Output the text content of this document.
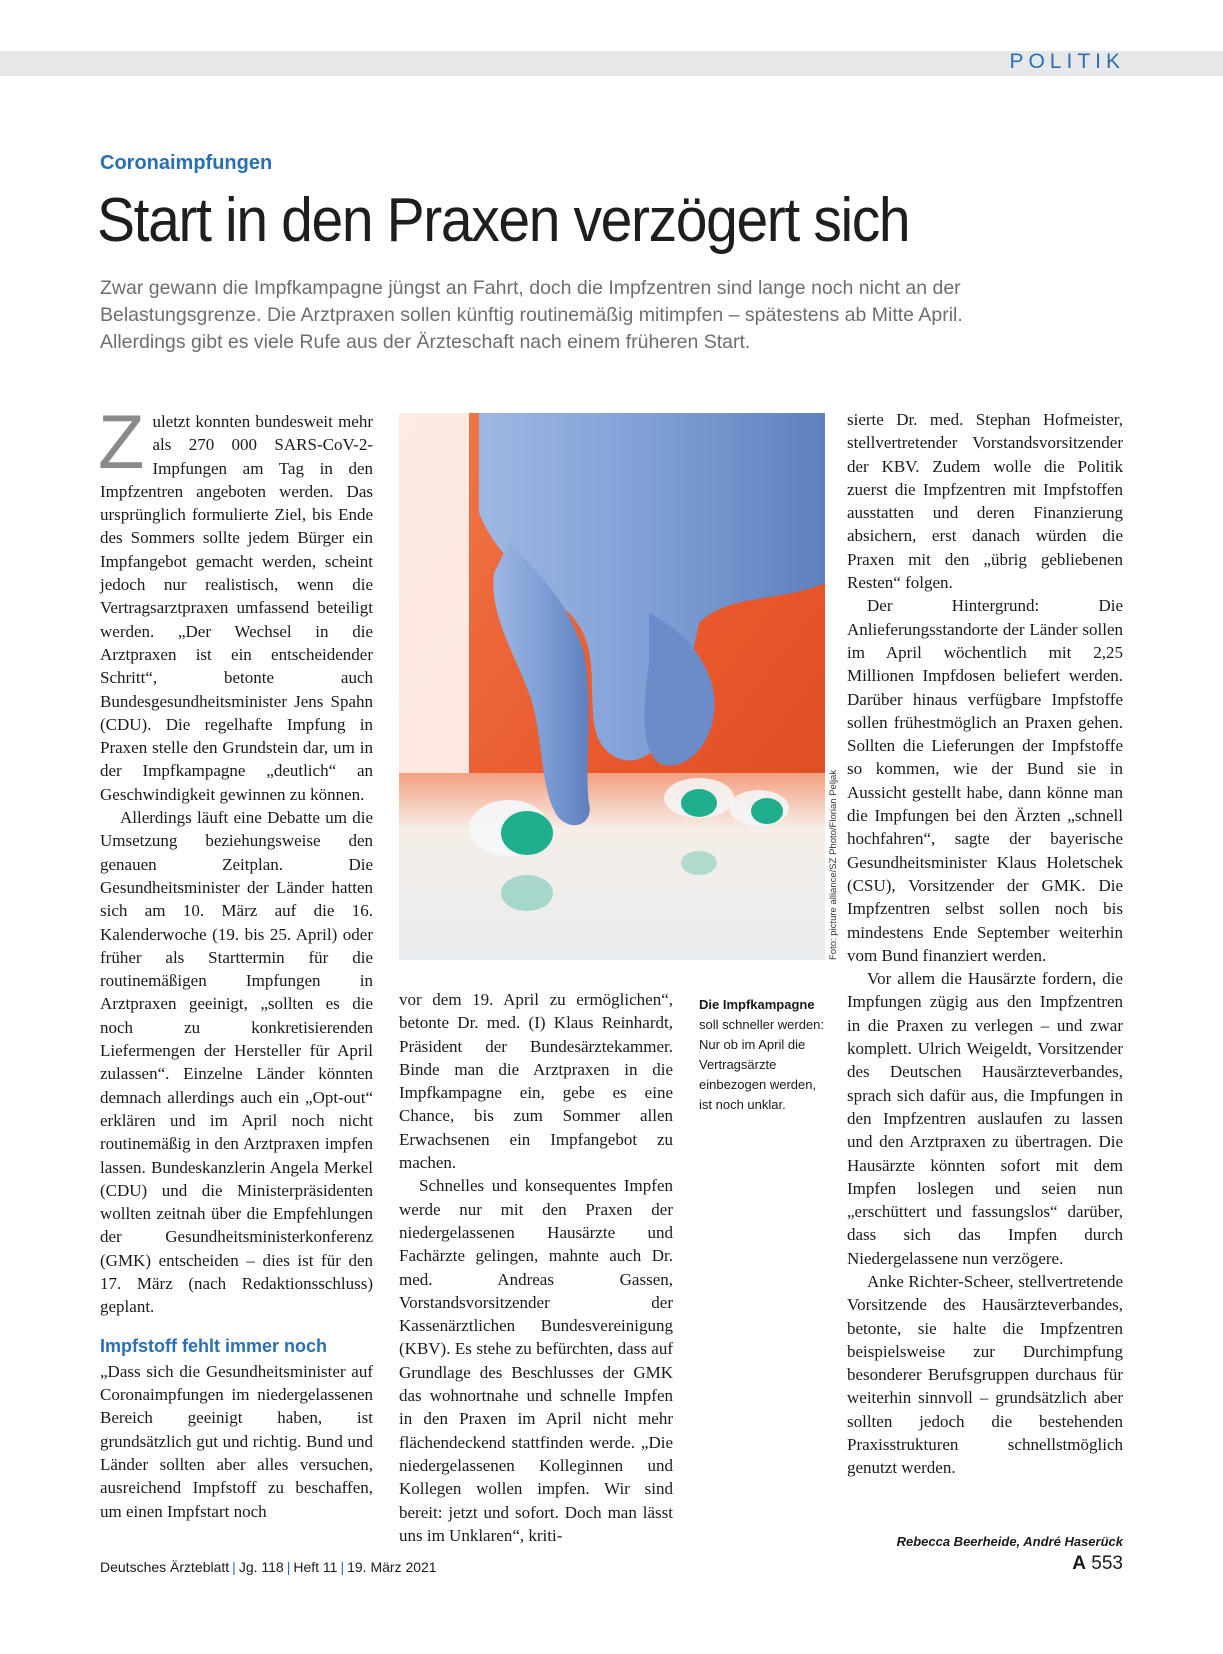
POLITIK
Coronaimpfungen
Start in den Praxen verzögert sich

Zwar gewann die Impfkampagne jüngst an Fahrt, doch die Impfzentren sind lange noch nicht an der Belastungsgrenze. Die Arztpraxen sollen künftig routinemäßig mitimpfen – spätestens ab Mitte April. Allerdings gibt es viele Rufe aus der Ärzteschaft nach einem früheren Start.

Zuletzt konnten bundesweit mehr als 270 000 SARS-CoV-2-Impfungen am Tag in den Impfzentren angeboten werden. Das ursprünglich formulierte Ziel, bis Ende des Sommers sollte jedem Bürger ein Impfangebot gemacht werden, scheint jedoch nur realistisch, wenn die Vertragsarztpraxen umfassend beteiligt werden. „Der Wechsel in die Arztpraxen ist ein entscheidender Schritt“, betonte auch Bundesgesundheitsminister Jens Spahn (CDU). Die regelhafte Impfung in Praxen stelle den Grundstein dar, um in der Impfkampagne „deutlich“ an Geschwindigkeit gewinnen zu können.

Allerdings läuft eine Debatte um die Umsetzung beziehungsweise den genauen Zeitplan. Die Gesundheitsminister der Länder hatten sich am 10. März auf die 16. Kalenderwoche (19. bis 25. April) oder früher als Starttermin für die routinemäßigen Impfungen in Arztpraxen geeinigt, „sollten es die noch zu konkretisierenden Liefermengen der Hersteller für April zulassen“. Einzelne Länder könnten demnach allerdings auch ein „Opt-out“ erklären und im April noch nicht routinemäßig in den Arztpraxen impfen lassen. Bundeskanzlerin Angela Merkel (CDU) und die Ministerpräsidenten wollten zeitnah über die Empfehlungen der Gesundheitsministerkonferenz (GMK) entscheiden – dies ist für den 17. März (nach Redaktionsschluss) geplant.

Impfstoff fehlt immer noch

„Dass sich die Gesundheitsminister auf Coronaimpfungen im niedergelassenen Bereich geeinigt haben, ist grundsätzlich gut und richtig. Bund und Länder sollten aber alles versuchen, ausreichend Impfstoff zu beschaffen, um einen Impfstart noch

Foto: picture alliance/SZ Photo/Florian Peljak
Die Impfkampagne soll schneller werden: Nur ob im April die Vertragsärzte einbezogen werden, ist noch unklar.

vor dem 19. April zu ermöglichen“, betonte Dr. med. (I) Klaus Reinhardt, Präsident der Bundesärztekammer. Binde man die Arztpraxen in die Impfkampagne ein, gebe es eine Chance, bis zum Sommer allen Erwachsenen ein Impfangebot zu machen.

Schnelles und konsequentes Impfen werde nur mit den Praxen der niedergelassenen Hausärzte und Fachärzte gelingen, mahnte auch Dr. med. Andreas Gassen, Vorstandsvorsitzender der Kassenärztlichen Bundesvereinigung (KBV). Es stehe zu befürchten, dass auf Grundlage des Beschlusses der GMK das wohnortnahe und schnelle Impfen in den Praxen im April nicht mehr flächendeckend stattfinden werde. „Die niedergelassenen Kolleginnen und Kollegen wollen impfen. Wir sind bereit: jetzt und sofort. Doch man lässt uns im Unklaren“, kriti-

sierte Dr. med. Stephan Hofmeister, stellvertretender Vorstandsvorsitzender der KBV. Zudem wolle die Politik zuerst die Impfzentren mit Impfstoffen ausstatten und deren Finanzierung absichern, erst danach würden die Praxen mit den „übrig gebliebenen Resten“ folgen.

Der Hintergrund: Die Anlieferungsstandorte der Länder sollen im April wöchentlich mit 2,25 Millionen Impfdosen beliefert werden. Darüber hinaus verfügbare Impfstoffe sollen frühestmöglich an Praxen gehen. Sollten die Lieferungen der Impfstoffe so kommen, wie der Bund sie in Aussicht gestellt habe, dann könne man die Impfungen bei den Ärzten „schnell hochfahren“, sagte der bayerische Gesundheitsminister Klaus Holetschek (CSU), Vorsitzender der GMK. Die Impfzentren selbst sollen noch bis mindestens Ende September weiterhin vom Bund finanziert werden.

Vor allem die Hausärzte fordern, die Impfungen zügig aus den Impfzentren in die Praxen zu verlegen – und zwar komplett. Ulrich Weigeldt, Vorsitzender des Deutschen Hausärzteverbandes, sprach sich dafür aus, die Impfungen in den Impfzentren auslaufen zu lassen und den Arztpraxen zu übertragen. Die Hausärzte könnten sofort mit dem Impfen loslegen und seien nun „erschüttert und fassungslos“ darüber, dass sich das Impfen durch Niedergelassene nun verzögere.

Anke Richter-Scheer, stellvertretende Vorsitzende des Hausärzteverbandes, betonte, sie halte die Impfzentren beispielsweise zur Durchimpfung besonderer Berufsgruppen durchaus für weiterhin sinnvoll – grundsätzlich aber sollten jedoch die bestehenden Praxisstrukturen schnellstmöglich genutzt werden.

Rebecca Beerheide, André Haserück
Deutsches Ärzteblatt | Jg. 118 | Heft 11 | 19. März 2021	A 553
